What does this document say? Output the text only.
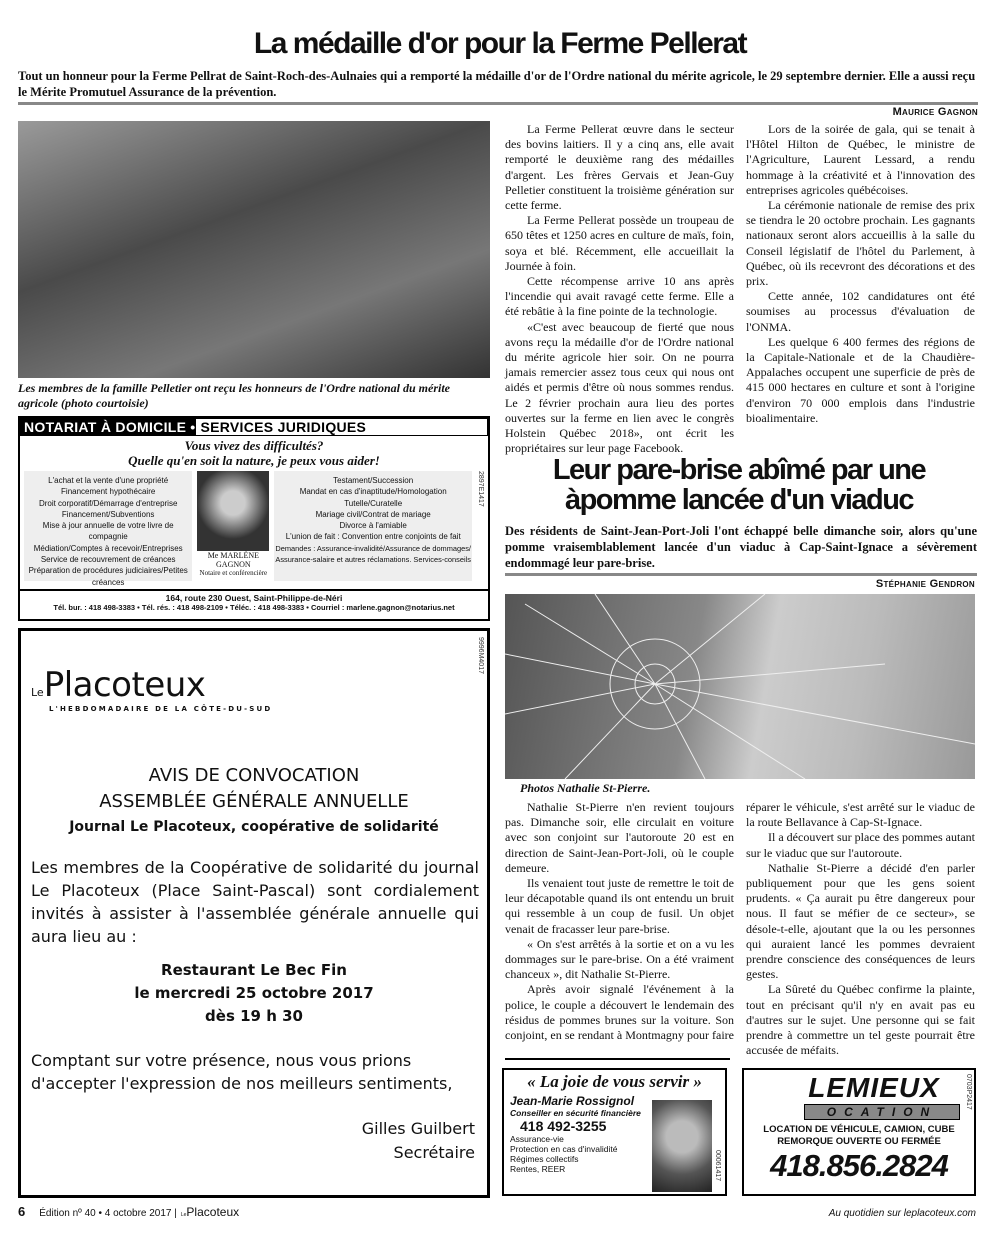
La médaille d'or pour la Ferme Pellerat
Tout un honneur pour la Ferme Pellrat de Saint-Roch-des-Aulnaies qui a remporté la médaille d'or de l'Ordre national du mérite agricole, le 29 septembre dernier. Elle a aussi reçu le Mérite Promutuel Assurance de la prévention.
Maurice Gagnon
Les membres de la famille Pelletier ont reçu les honneurs de l'Ordre national du mérite agricole (photo courtoisie)

La Ferme Pellerat œuvre dans le secteur des bovins laitiers. Il y a cinq ans, elle avait remporté le deuxième rang des médailles d'argent. Les frères Gervais et Jean-Guy Pelletier constituent la troisième génération sur cette ferme.

La Ferme Pellerat possède un troupeau de 650 têtes et 1250 acres en culture de maïs, foin, soya et blé. Récemment, elle accueillait la Journée à foin.

Cette récompense arrive 10 ans après l'incendie qui avait ravagé cette ferme. Elle a été rebâtie à la fine pointe de la technologie.

«C'est avec beaucoup de fierté que nous avons reçu la médaille d'or de l'Ordre national du mérite agricole hier soir. On ne pourra jamais remercier assez tous ceux qui nous ont aidés et permis d'être où nous sommes rendus. Le 2 février prochain aura lieu des portes ouvertes sur la ferme en lien avec le congrès Holstein Québec 2018», ont écrit les propriétaires sur leur page Facebook.

Lors de la soirée de gala, qui se tenait à l'Hôtel Hilton de Québec, le ministre de l'Agriculture, Laurent Lessard, a rendu hommage à la créativité et à l'innovation des entreprises agricoles québécoises.

La cérémonie nationale de remise des prix se tiendra le 20 octobre prochain. Les gagnants nationaux seront alors accueillis à la salle du Conseil législatif de l'hôtel du Parlement, à Québec, où ils recevront des décorations et des prix.

Cette année, 102 candidatures ont été soumises au processus d'évaluation de l'ONMA.

Les quelque 6 400 fermes des régions de la Capitale-Nationale et de la Chaudière-Appalaches occupent une superficie de près de 415 000 hectares en culture et sont à l'origine d'environ 70 000 emplois dans l'industrie bioalimentaire.

NOTARIAT À DOMICILE • SERVICES JURIDIQUES
Vous vivez des difficultés?
Quelle qu'en soit la nature, je peux vous aider!
L'achat et la vente d'une propriété
Financement hypothécaire
Droit corporatif/Démarrage d'entreprise
Financement/Subventions
Mise à jour annuelle de votre livre de compagnie
Médiation/Comptes à recevoir/Entreprises
Service de recouvrement de créances
Préparation de procédures judiciaires/Petites créances
Me MARLÈNE
GAGNON
Notaire et conférencière
Testament/Succession
Mandat en cas d'inaptitude/Homologation
Tutelle/Curatelle
Mariage civil/Contrat de mariage
Divorce à l'amiable
L'union de fait : Convention entre conjoints de fait
Demandes : Assurance-invalidité/Assurance de dommages/
Assurance-salaire et autres réclamations. Services-conseils
2897E1417
164, route 230 Ouest, Saint-Philippe-de-Néri
Tél. bur. : 418 498-3383 • Tél. rés. : 418 498-2109 • Téléc. : 418 498-3383 • Courriel : marlene.gagnon@notarius.net
9996M4017
LePlacoteux
L'HEBDOMADAIRE DE LA CÔTE-DU-SUD
AVIS DE CONVOCATION
ASSEMBLÉE GÉNÉRALE ANNUELLE
Journal Le Placoteux, coopérative de solidarité
Les membres de la Coopérative de solidarité du journal Le Placoteux (Place Saint-Pascal) sont cordialement invités à assister à l'assemblée générale annuelle qui aura lieu au :
Restaurant Le Bec Fin
le mercredi 25 octobre 2017
dès 19 h 30
Comptant sur votre présence, nous vous prions d'accepter l'expression de nos meilleurs sentiments,
Gilles Guilbert
Secrétaire
Leur pare-brise abîmé par une
àpomme lancée d'un viaduc
Des résidents de Saint-Jean-Port-Joli l'ont échappé belle dimanche soir, alors qu'une pomme vraisemblablement lancée d'un viaduc à Cap-Saint-Ignace a sévèrement endommagé leur pare-brise.
Stéphanie Gendron
Photos Nathalie St-Pierre.

Nathalie St-Pierre n'en revient toujours pas. Dimanche soir, elle circulait en voiture avec son conjoint sur l'autoroute 20 est en direction de Saint-Jean-Port-Joli, où le couple demeure.

Ils venaient tout juste de remettre le toit de leur décapotable quand ils ont entendu un bruit qui ressemble à un coup de fusil. Un objet venait de fracasser leur pare-brise.

« On s'est arrêtés à la sortie et on a vu les dommages sur le pare-brise. On a été vraiment chanceux », dit Nathalie St-Pierre.

Après avoir signalé l'événement à la police, le couple a découvert le lendemain des résidus de pommes brunes sur la voiture. Son conjoint, en se rendant à Montmagny pour faire réparer le véhicule, s'est arrêté sur le viaduc de la route Bellavance à Cap-St-Ignace.

Il a découvert sur place des pommes autant sur le viaduc que sur l'autoroute.

Nathalie St-Pierre a décidé d'en parler publiquement pour que les gens soient prudents. « Ça aurait pu être dangereux pour nous. Il faut se méfier de ce secteur», se désole-t-elle, ajoutant que la ou les personnes qui auraient lancé les pommes devraient prendre conscience des conséquences de leurs gestes.

La Sûreté du Québec confirme la plainte, tout en précisant qu'il n'y en avait pas eu d'autres sur le sujet. Une personne qui se fait prendre à commettre un tel geste pourrait être accusée de méfaits.

« La joie de vous servir »
Jean-Marie Rossignol
Conseiller en sécurité financière
418 492-3255
Assurance-vie
Protection en cas d'invalidité
Régimes collectifs
Rentes, REER	00061417
LEMIEUX
OCATION
LOCATION DE VÉHICULE, CAMION, CUBE
REMORQUE OUVERTE OU FERMÉE
418.856.2824
0703P2417
6 Édition nº 40 • 4 octobre 2017 | Le Placoteux	Au quotidien sur leplacoteux.com
